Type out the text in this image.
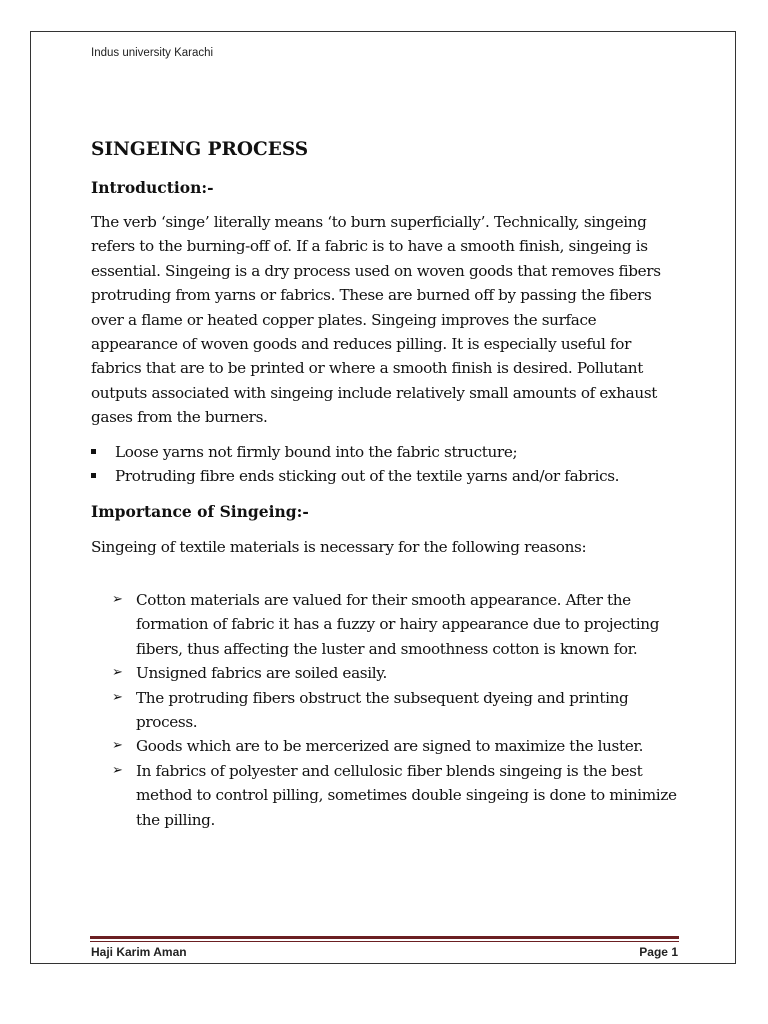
Indus university Karachi
SINGEING PROCESS
Introduction:-

The verb ‘singe’ literally means ‘to burn superficially’. Technically, singeing refers to the burning-off of. If a fabric is to have a smooth finish, singeing is essential. Singeing is a dry process used on woven goods that removes fibers protruding from yarns or fabrics. These are burned off by passing the fibers over a flame or heated copper plates. Singeing improves the surface appearance of woven goods and reduces pilling. It is especially useful for fabrics that are to be printed or where a smooth finish is desired. Pollutant outputs associated with singeing include relatively small amounts of exhaust gases from the burners.

Loose yarns not firmly bound into the fabric structure;
Protruding fibre ends sticking out of the textile yarns and/or fabrics.
Importance of Singeing:-

Singeing of textile materials is necessary for the following reasons:

➢ Cotton materials are valued for their smooth appearance. After the formation of fabric it has a fuzzy or hairy appearance due to projecting fibers, thus affecting the luster and smoothness cotton is known for.
➢ Unsigned fabrics are soiled easily.
➢ The protruding fibers obstruct the subsequent dyeing and printing process.
➢ Goods which are to be mercerized are signed to maximize the luster.
➢ In fabrics of polyester and cellulosic fiber blends singeing is the best method to control pilling, sometimes double singeing is done to minimize the pilling.
Haji Karim Aman	Page 1
